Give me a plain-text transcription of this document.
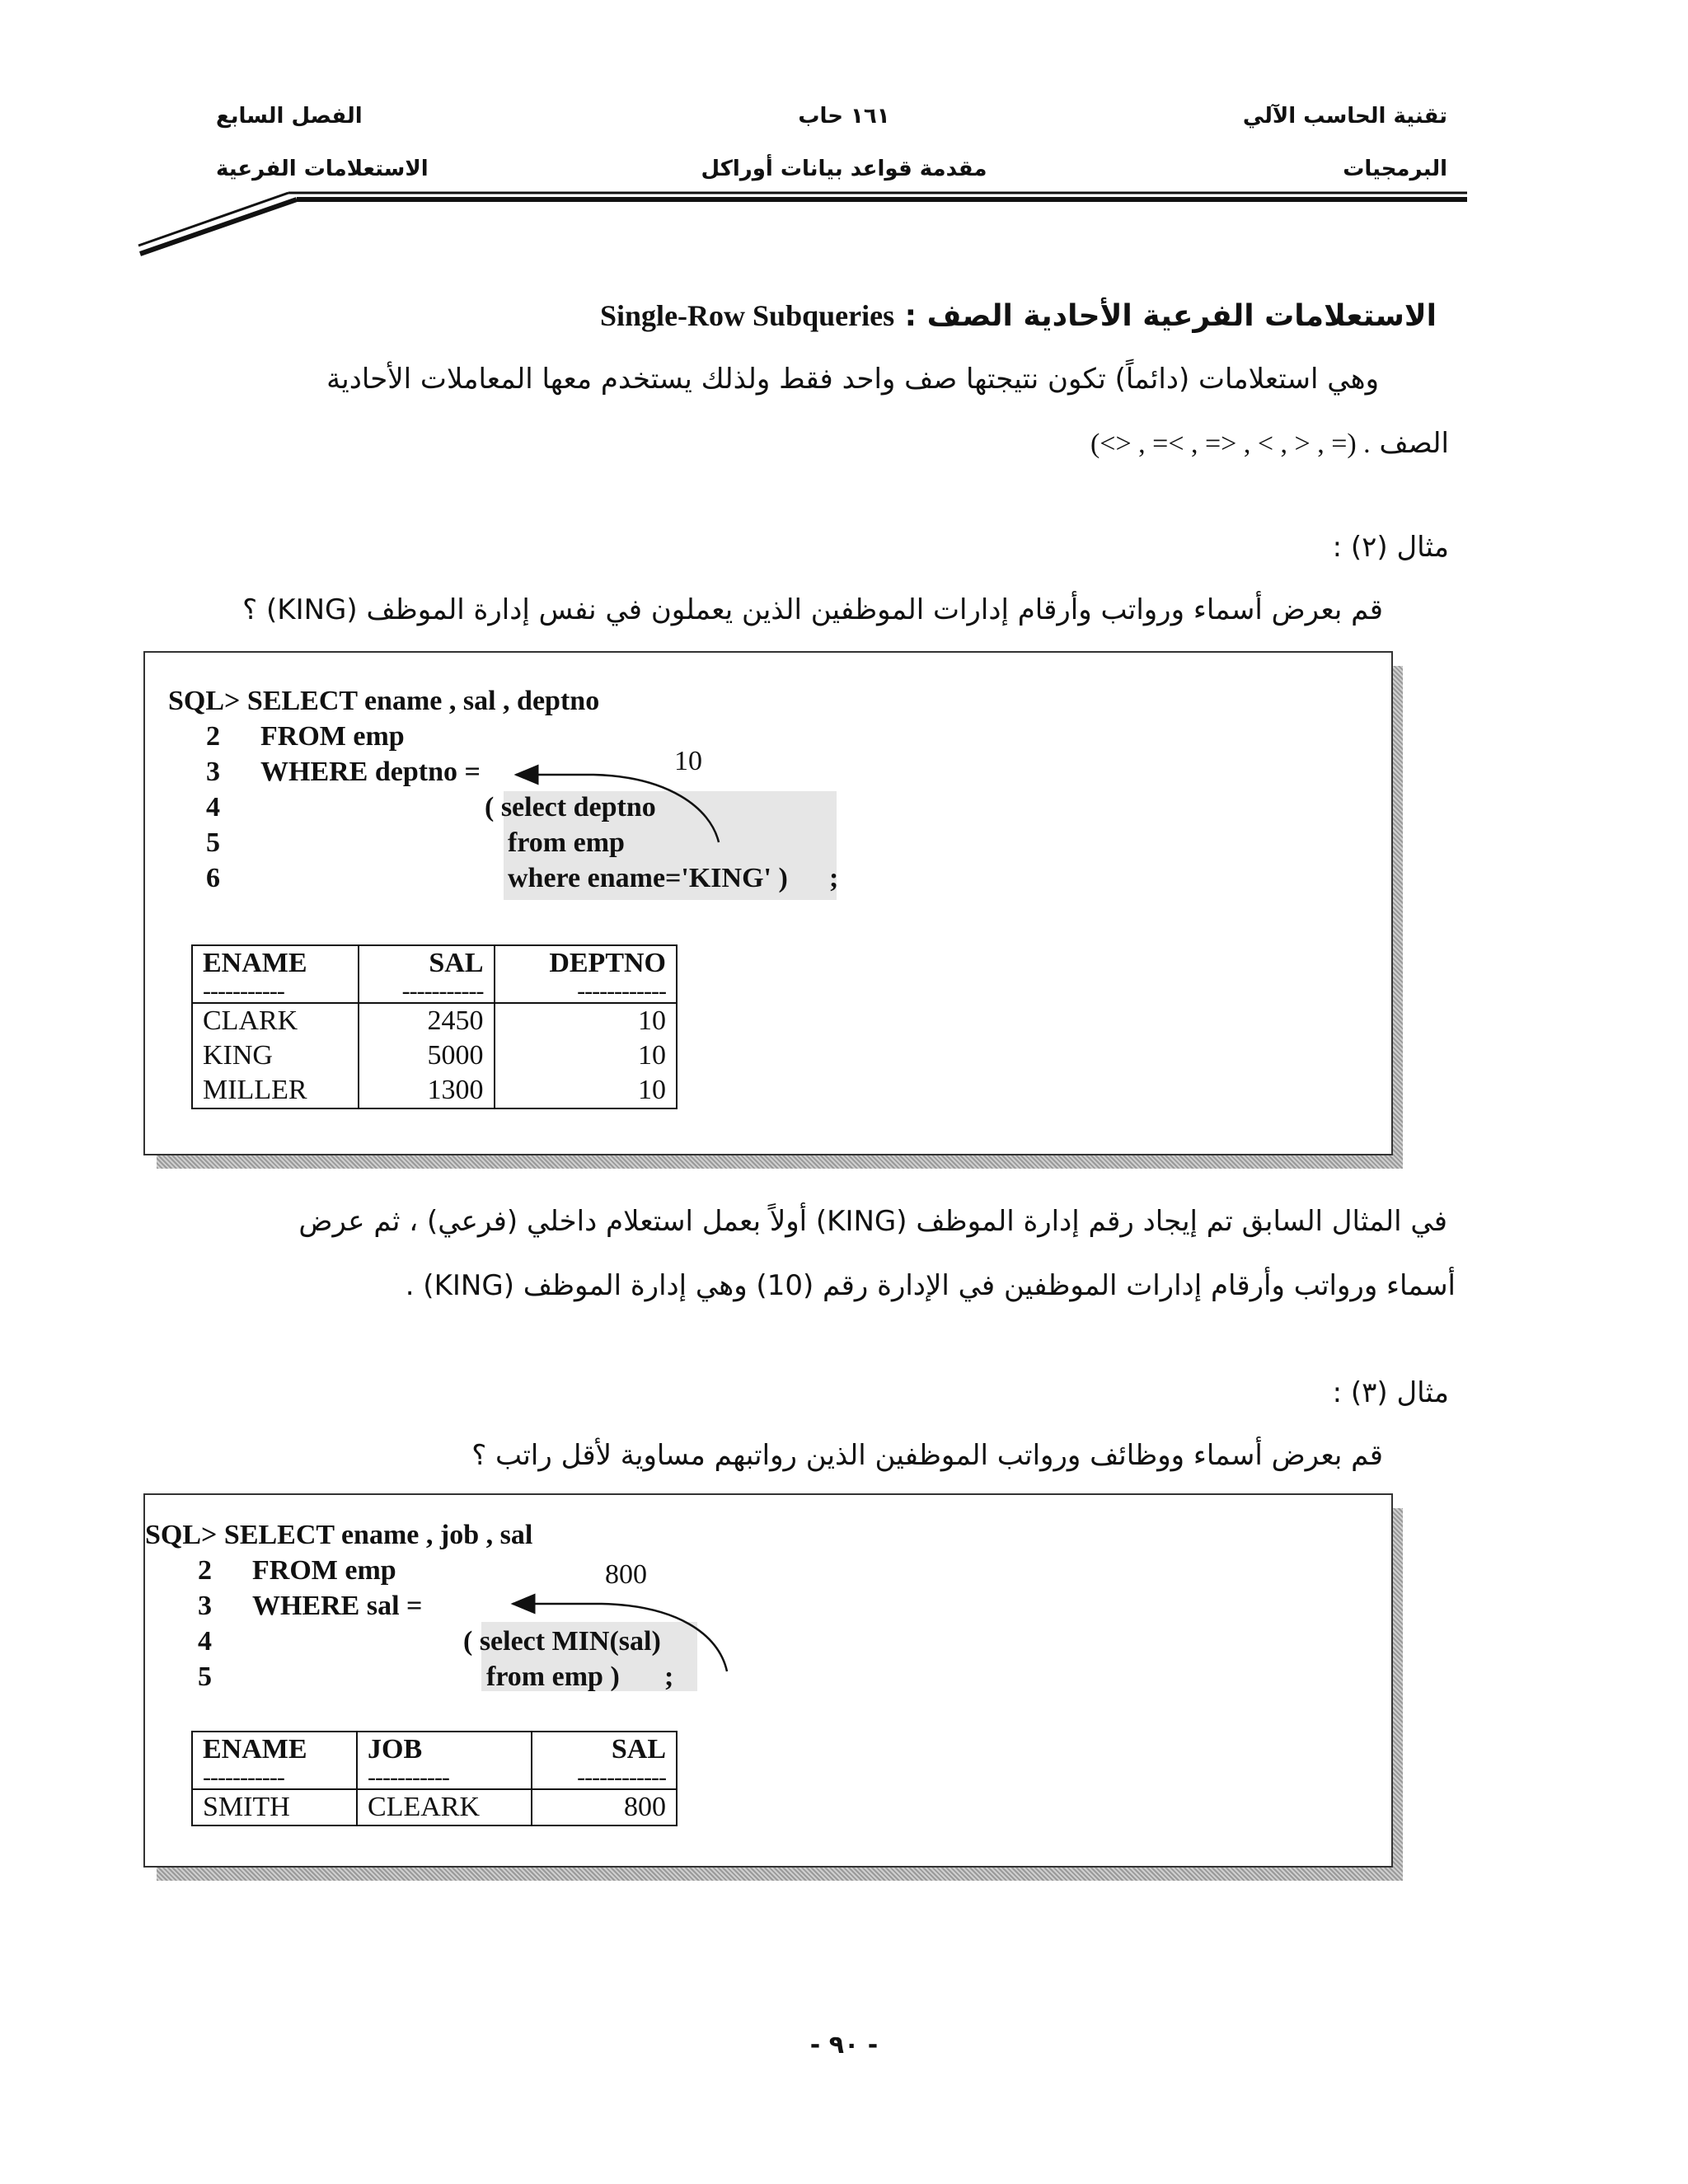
تقنية الحاسب الآلي
البرمجيات
١٦١ حاب
مقدمة قواعد بيانات أوراكل
الفصل السابع
الاستعلامات الفرعية
الاستعلامات الفرعية الأحادية الصف : Single-Row Subqueries
وهي استعلامات (دائماً) تكون نتيجتها صف واحد فقط ولذلك يستخدم معها المعاملات الأحادية
الصف (<> , =< , => , < , > , =) .
مثال (٢) :
قم بعرض أسماء ورواتب وأرقام إدارات الموظفين الذين يعملون في نفس إدارة الموظف (KING) ؟
SQL> SELECT ename , sal , deptno
2 FROM emp
3 WHERE deptno =
4	( select deptno
5	from emp
6	where ename='KING' ) ;
10
ENAME	SAL	DEPTNO
-----------	-----------	------------
CLARK	2450	10
KING	5000	10
MILLER	1300	10
في المثال السابق تم إيجاد رقم إدارة الموظف (KING) أولاً بعمل استعلام داخلي (فرعي) ، ثم عرض
أسماء ورواتب وأرقام إدارات الموظفين في الإدارة رقم (10) وهي إدارة الموظف (KING) .
مثال (٣) :
قم بعرض أسماء ووظائف ورواتب الموظفين الذين رواتبهم مساوية لأقل راتب ؟
SQL> SELECT ename , job , sal
2 FROM emp
3 WHERE sal =
4	( select MIN(sal)
5	from emp ) ;
800
ENAME	JOB	SAL
-----------	-----------	------------
SMITH	CLEARK	800
- ٩٠ -
